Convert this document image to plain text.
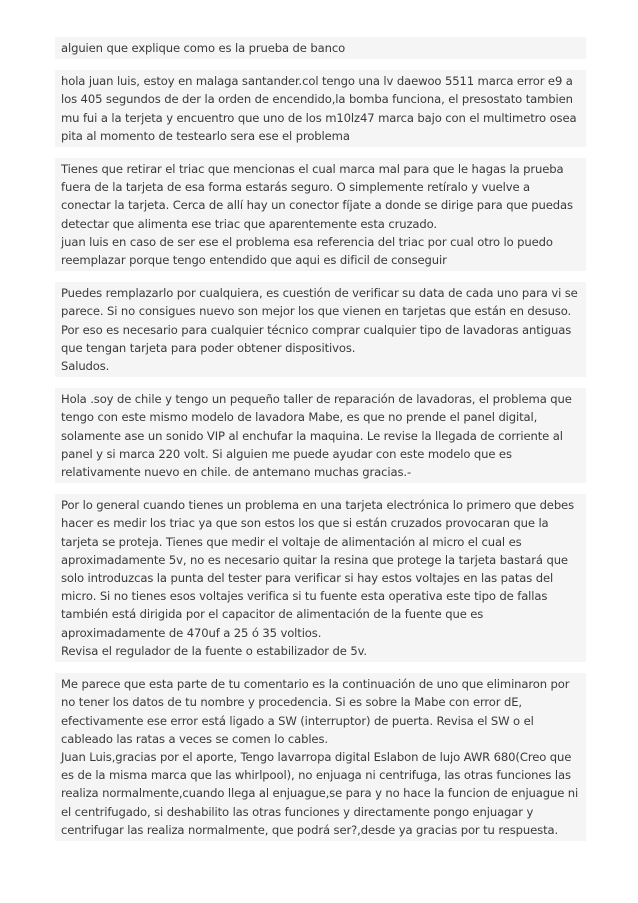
alguien que explique como es la prueba de banco

hola juan luis, estoy en malaga santander.col tengo una lv daewoo 5511 marca error e9 a los 405 segundos de der la orden de encendido,la bomba funciona, el presostato tambien mu fui a la terjeta y encuentro que uno de los m10lz47 marca bajo con el multimetro osea pita al momento de testearlo sera ese el problema

Tienes que retirar el triac que mencionas el cual marca mal para que le hagas la prueba fuera de la tarjeta de esa forma estarás seguro. O simplemente retíralo y vuelve a conectar la tarjeta. Cerca de allí hay un conector fíjate a donde se dirige para que puedas detectar que alimenta ese triac que aparentemente esta cruzado.

juan luis en caso de ser ese el problema esa referencia del triac por cual otro lo puedo reemplazar porque tengo entendido que aqui es dificil de conseguir

Puedes remplazarlo por cualquiera, es cuestión de verificar su data de cada uno para vi se parece. Si no consigues nuevo son mejor los que vienen en tarjetas que están en desuso. Por eso es necesario para cualquier técnico comprar cualquier tipo de lavadoras antiguas que tengan tarjeta para poder obtener dispositivos.

Saludos.

Hola .soy de chile y tengo un pequeño taller de reparación de lavadoras, el problema que tengo con este mismo modelo de lavadora Mabe, es que no prende el panel digital, solamente ase un sonido VIP al enchufar la maquina. Le revise la llegada de corriente al panel y si marca 220 volt. Si alguien me puede ayudar con este modelo que es relativamente nuevo en chile. de antemano muchas gracias.-

Por lo general cuando tienes un problema en una tarjeta electrónica lo primero que debes hacer es medir los triac ya que son estos los que si están cruzados provocaran que la tarjeta se proteja. Tienes que medir el voltaje de alimentación al micro el cual es aproximadamente 5v, no es necesario quitar la resina que protege la tarjeta bastará que solo introduzcas la punta del tester para verificar si hay estos voltajes en las patas del micro. Si no tienes esos voltajes verifica si tu fuente esta operativa este tipo de fallas también está dirigida por el capacitor de alimentación de la fuente que es aproximadamente de 470uf a 25 ó 35 voltios.

Revisa el regulador de la fuente o estabilizador de 5v.

Me parece que esta parte de tu comentario es la continuación de uno que eliminaron por no tener los datos de tu nombre y procedencia. Si es sobre la Mabe con error dE, efectivamente ese error está ligado a SW (interruptor) de puerta. Revisa el SW o el cableado las ratas a veces se comen lo cables.

Juan Luis,gracias por el aporte, Tengo lavarropa digital Eslabon de lujo AWR 680(Creo que es de la misma marca que las whirlpool), no enjuaga ni centrifuga, las otras funciones las realiza normalmente,cuando llega al enjuague,se para y no hace la funcion de enjuague ni el centrifugado, si deshabilito las otras funciones y directamente pongo enjuagar y centrifugar las realiza normalmente, que podrá ser?,desde ya gracias por tu respuesta.
